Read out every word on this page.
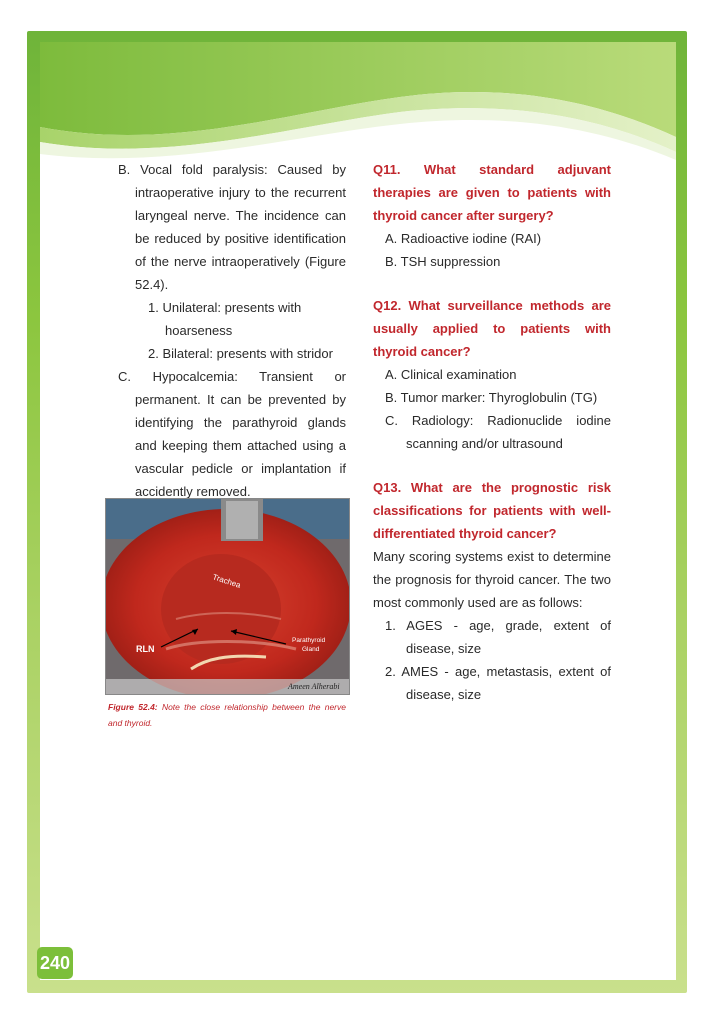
B. Vocal fold paralysis: Caused by intraoperative injury to the recurrent laryngeal nerve. The incidence can be reduced by positive identification of the nerve intraoperatively (Figure 52.4).
1. Unilateral: presents with hoarseness
2. Bilateral: presents with stridor
C. Hypocalcemia: Transient or permanent. It can be prevented by identifying the parathyroid glands and keeping them attached using a vascular pedicle or implantation if accidently removed.
Trachea
Parathyroid
Gland
RLN
Ameen Alherabi
Figure 52.4: Note the close relationship between the nerve and thyroid.
Q11. What standard adjuvant therapies are given to patients with thyroid cancer after surgery?
A. Radioactive iodine (RAI)
B. TSH suppression
Q12. What surveillance methods are usually applied to patients with thyroid cancer?
A. Clinical examination
B. Tumor marker: Thyroglobulin (TG)
C. Radiology: Radionuclide iodine scanning and/or ultrasound
Q13. What are the prognostic risk classifications for patients with well-differentiated thyroid cancer?
Many scoring systems exist to determine the prognosis for thyroid cancer. The two most commonly used are as follows:
1. AGES - age, grade, extent of disease, size
2. AMES - age, metastasis, extent of disease, size
240
